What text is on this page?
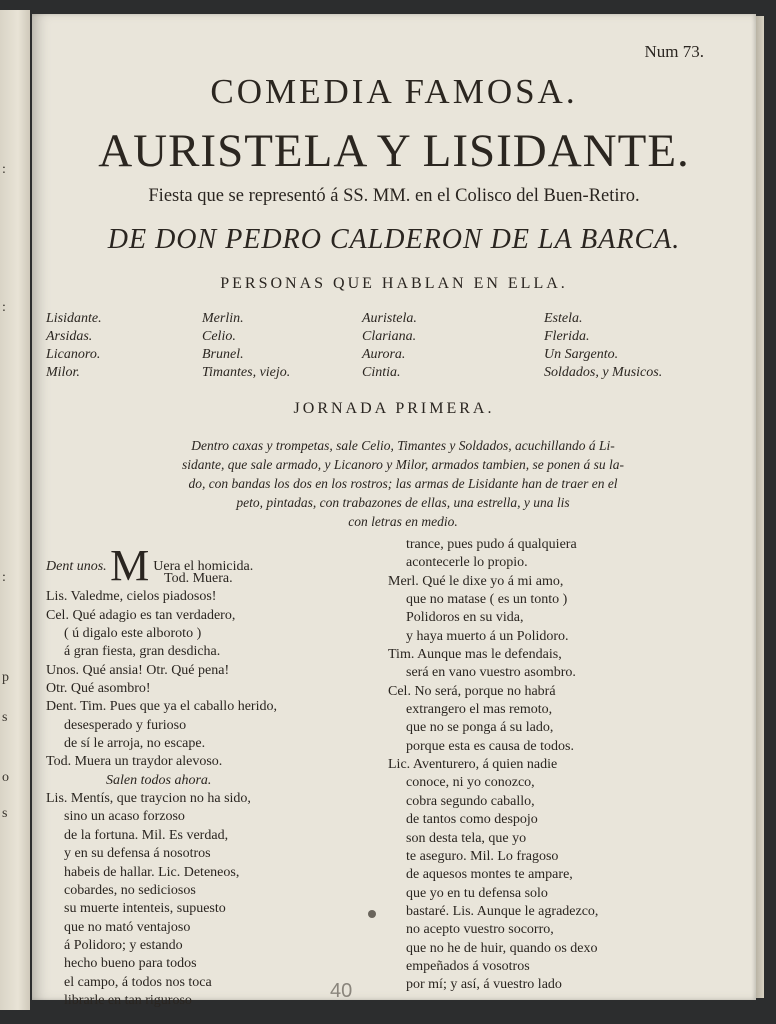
:
:
:
p
s
o
s
Num 73.
COMEDIA FAMOSA.
AURISTELA Y LISIDANTE.
Fiesta que se representó á SS. MM. en el Colisco del Buen-Retiro.
DE DON PEDRO CALDERON DE LA BARCA.
PERSONAS QUE HABLAN EN ELLA.
Lisidante.
Arsidas.
Licanoro.
Milor.
Merlin.
Celio.
Brunel.
Timantes, viejo.
Auristela.
Clariana.
Aurora.
Cintia.
Estela.
Flerida.
Un Sargento.
Soldados, y Musicos.
JORNADA PRIMERA.
Dentro caxas y trompetas, sale Celio, Timantes y Soldados, acuchillando á Li-
sidante, que sale armado, y Licanoro y Milor, armados tambien, se ponen á su la-
do, con bandas los dos en los rostros; las armas de Lisidante han de traer en el
peto, pintadas, con trabazones de ellas, una estrella, y una lis
con letras en medio.
Dent unos. M Uera el homicida.
Tod. Muera.
Lis. Valedme, cielos piadosos!
Cel. Qué adagio es tan verdadero,
( ú digalo este alboroto )
á gran fiesta, gran desdicha.
Unos. Qué ansia! Otr. Qué pena!
Otr. Qué asombro!
Dent. Tim. Pues que ya el caballo herido,
desesperado y furioso
de sí le arroja, no escape.
Tod. Muera un traydor alevoso.
Salen todos ahora.
Lis. Mentís, que traycion no ha sido,
sino un acaso forzoso
de la fortuna. Mil. Es verdad,
y en su defensa á nosotros
habeis de hallar. Lic. Deteneos,
cobardes, no sediciosos
su muerte intenteis, supuesto
que no mató ventajoso
á Polidoro; y estando
hecho bueno para todos
el campo, á todos nos toca
librarle en tan riguroso
trance, pues pudo á qualquiera
acontecerle lo propio.
Merl. Qué le dixe yo á mi amo,
que no matase ( es un tonto )
Polidoros en su vida,
y haya muerto á un Polidoro.
Tim. Aunque mas le defendais,
será en vano vuestro asombro.
Cel. No será, porque no habrá
extrangero el mas remoto,
que no se ponga á su lado,
porque esta es causa de todos.
Lic. Aventurero, á quien nadie
conoce, ni yo conozco,
cobra segundo caballo,
de tantos como despojo
son desta tela, que yo
te aseguro. Mil. Lo fragoso
de aquesos montes te ampare,
que yo en tu defensa solo
bastaré. Lis. Aunque le agradezco,
no acepto vuestro socorro,
que no he de huir, quando os dexo
empeñados á vosotros
por mí; y así, á vuestro lado
40
